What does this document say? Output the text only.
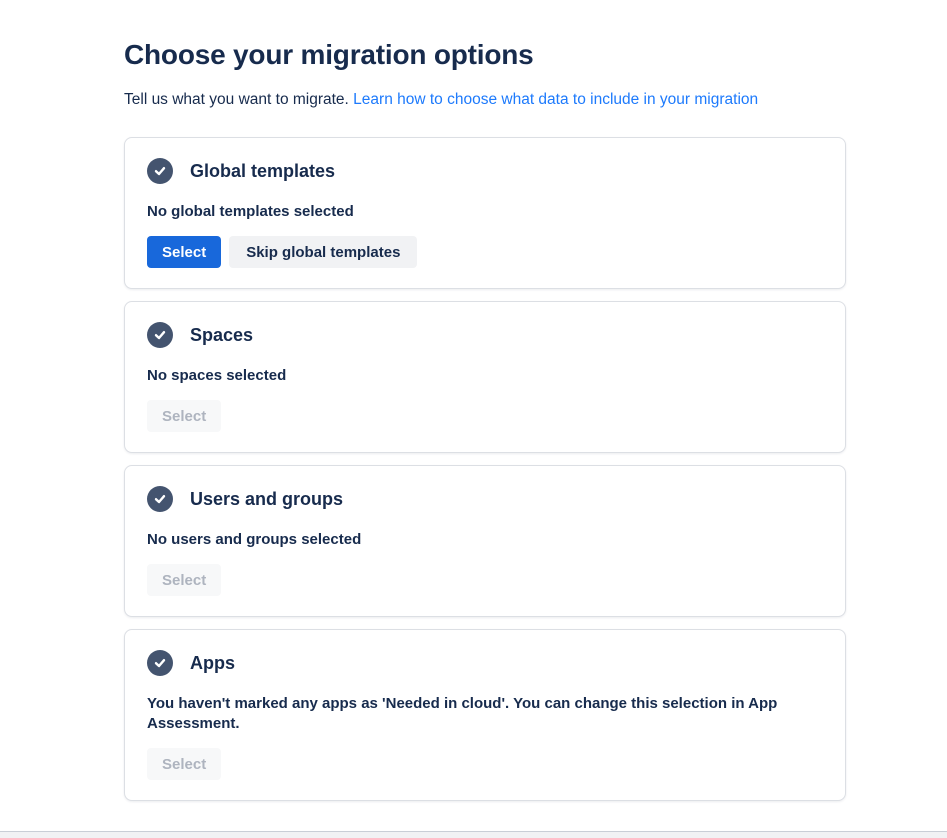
Choose your migration options

Tell us what you want to migrate. Learn how to choose what data to include in your migration

Global templates
No global templates selected
Select	Skip global templates
Spaces
No spaces selected
Select
Users and groups
No users and groups selected
Select
Apps
You haven't marked any apps as 'Needed in cloud'. You can change this selection in App Assessment.
Select
